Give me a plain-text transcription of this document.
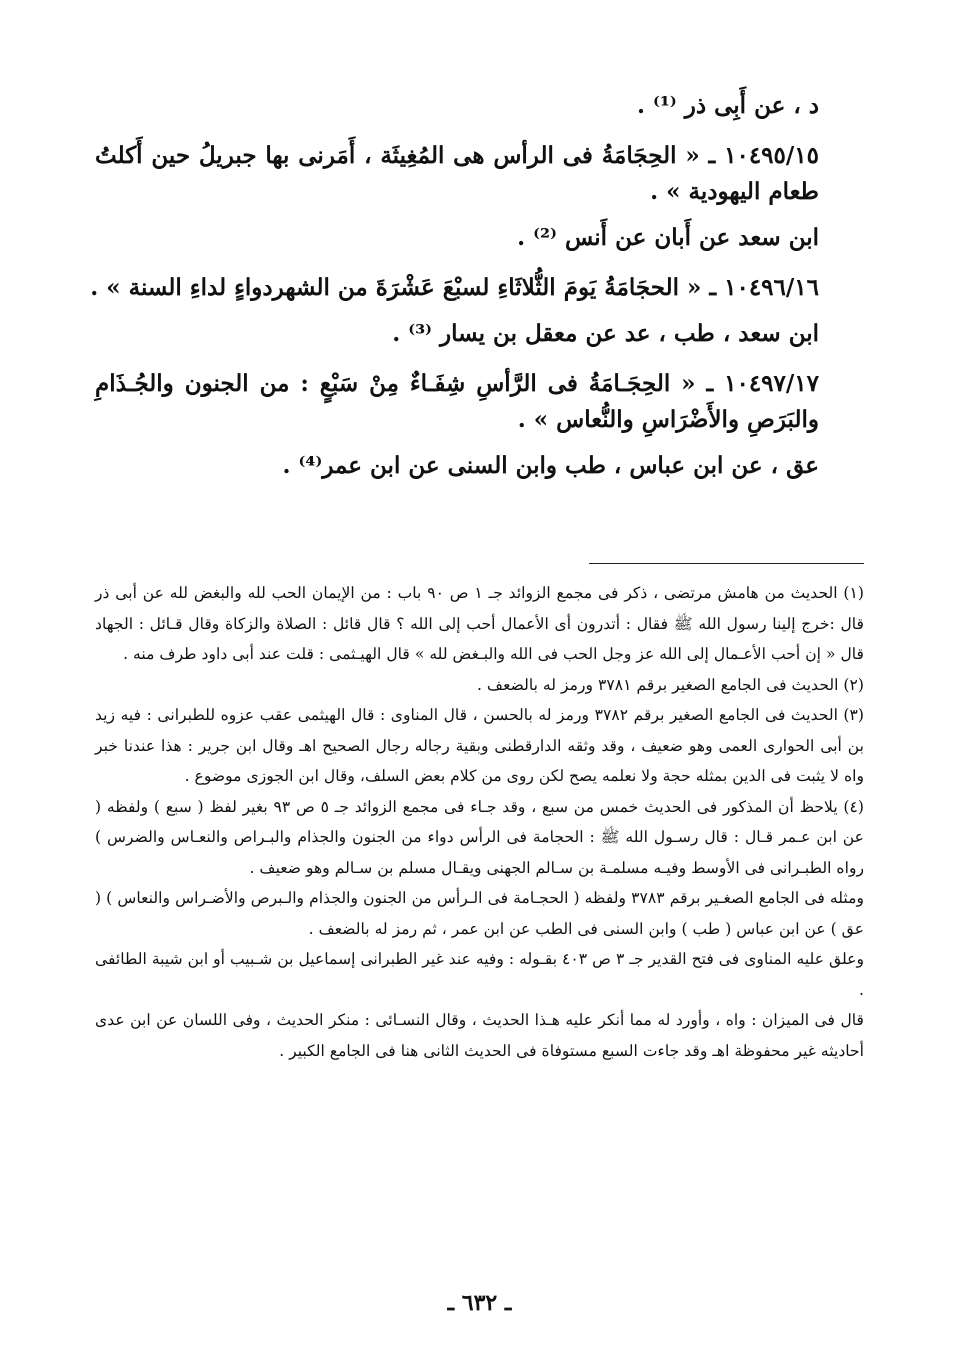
د ، عن أَبِى ذر ⁽¹⁾ .

١٠٤٩٥/١٥ ـ « الحِجَامَةُ فى الرأس هى المُغِيثَة ، أَمَرنى بها جبريلُ حين أَكلتُ طعام اليهودية » .

ابن سعد عن أَبان عن أَنس ⁽²⁾ .

١٠٤٩٦/١٦ ـ « الحجَامَةُ يَومَ الثُّلاثَاءِ لسبْعَ عَشْرَةَ من الشهردواءٍ لداءِ السنة » .

ابن سعد ، طب ، عد عن معقل بن يسار ⁽³⁾ .

١٠٤٩٧/١٧ ـ « الحِجَـامَةُ فى الرَّأسِ شِفَـاءٌ مِنْ سَبْعٍ : من الجنون والجُـذَامِ والبَرَصِ والأَضْرَاسِ والنُّعاس » .

عق ، عن ابن عباس ، طب وابن السنى عن ابن عمر⁽⁴⁾ .

(١) الحديث من هامش مرتضى ، ذكر فى مجمع الزوائد جـ ١ ص ٩٠ باب : من الإيمان الحب لله والبغض لله عن أبى ذر قال :خرج إلينا رسول الله ﷺ فقال : أتدرون أى الأعمال أحب إلى الله ؟ قال قائل : الصلاة والزكاة وقال قـائل : الجهاد قال « إن أحب الأعـمال إلى الله عز وجل الحب فى الله والبـغض لله » قال الهيـثمى : قلت عند أبى داود طرف منه .

(٢) الحديث فى الجامع الصغير برقم ٣٧٨١ ورمز له بالضعف .

(٣) الحديث فى الجامع الصغير برقم ٣٧٨٢ ورمز له بالحسن ، قال المناوى : قال الهيثمى عقب عزوه للطبرانى : فيه زيد بن أبى الحوارى العمى وهو ضعيف ، وقد وثقه الدارقطنى وبقية رجاله رجال الصحيح اهـ وقال ابن جرير : هذا عندنا خبر واه لا يثبت فى الدين بمثله حجة ولا نعلمه يصح لكن روى من كلام بعض السلف، وقال ابن الجوزى موضوع .

(٤) يلاحظ أن المذكور فى الحديث خمس من سبع ، وقد جـاء فى مجمع الزوائد جـ ٥ ص ٩٣ بغير لفظ ( سبع ) ولفظه ( عن ابن عـمر قـال : قال رسـول الله ﷺ : الحجامة فى الرأس دواء من الجنون والجذام والبـراص والنعـاس والضرس ) رواه الطبـرانى فى الأوسط وفيـه مسلمـة بن سـالم الجهنى ويقـال مسلم بن سـالم وهو ضعيف .

ومثله فى الجامع الصغـير برقم ٣٧٨٣ ولفظه ( الحجـامة فى الـرأس من الجنون والجذام والـبرص والأضـراس والنعاس ) ( عق ) عن ابن عباس ( طب ) وابن السنى فى الطب عن ابن عمر ، ثم رمز له بالضعف .

وعلق عليه المناوى فى فتح القدير جـ ٣ ص ٤٠٣ بقـوله : وفيه عند غير الطبرانى إسماعيل بن شـبيب أو ابن شيبة الطائفى .

قال فى الميزان : واه ، وأورد له مما أنكر عليه هـذا الحديث ، وقال النسـائى : منكر الحديث ، وفى اللسان عن ابن عدى أحاديثه غير محفوظة اهـ وقد جاءت السبع مستوفاة فى الحديث الثانى هنا فى الجامع الكبير .

ـ ٦٣٢ ـ
